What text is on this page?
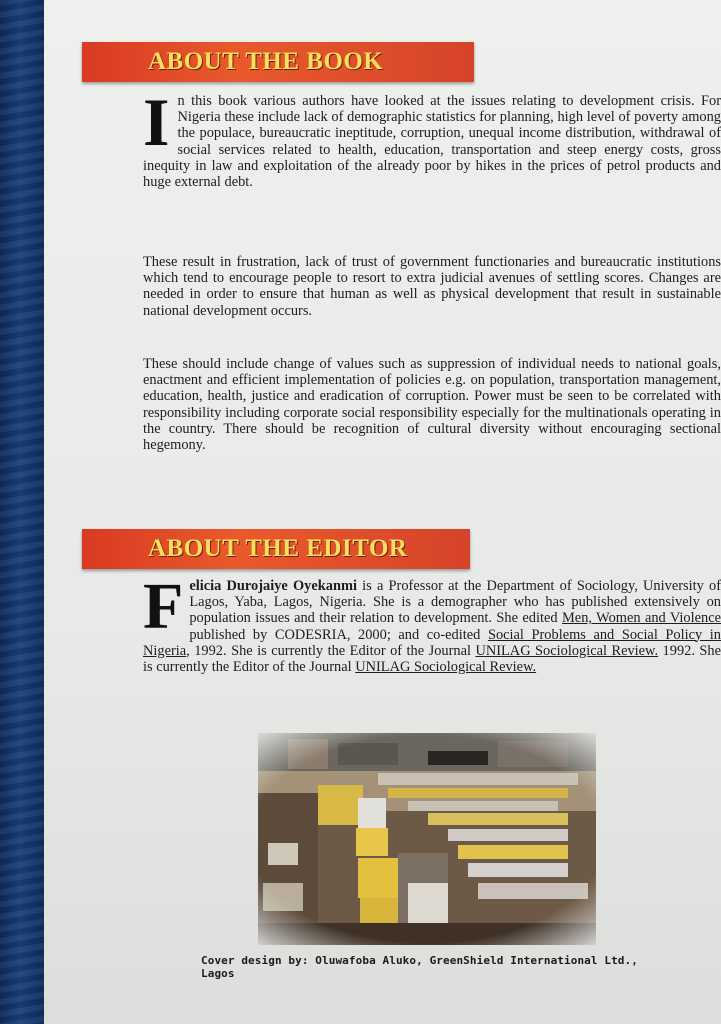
ABOUT THE BOOK
In this book various authors have looked at the issues relating to development crisis. For Nigeria these include lack of demographic statistics for planning, high level of poverty among the populace, bureaucratic ineptitude, corruption, unequal income distribution, withdrawal of social services related to health, education, transportation and steep energy costs, gross inequity in law and exploitation of the already poor by hikes in the prices of petrol products and huge external debt.
These result in frustration, lack of trust of government functionaries and bureaucratic institutions which tend to encourage people to resort to extra judicial avenues of settling scores. Changes are needed in order to ensure that human as well as physical development that result in sustainable national development occurs.
These should include change of values such as suppression of individual needs to national goals, enactment and efficient implementation of policies e.g. on population, transportation management, education, health, justice and eradication of corruption. Power must be seen to be correlated with responsibility including corporate social responsibility especially for the multinationals operating in the country. There should be recognition of cultural diversity without encouraging sectional hegemony.
ABOUT THE EDITOR
Felicia Durojaiye Oyekanmi is a Professor at the Department of Sociology, University of Lagos, Yaba, Lagos, Nigeria. She is a demographer who has published extensively on population issues and their relation to development. She edited Men, Women and Violence published by CODESRIA, 2000; and co-edited Social Problems and Social Policy in Nigeria, 1992. She is currently the Editor of the Journal UNILAG Sociological Review. 1992. She is currently the Editor of the Journal UNILAG Sociological Review.
Cover design by: Oluwafoba Aluko, GreenShield International Ltd., Lagos
